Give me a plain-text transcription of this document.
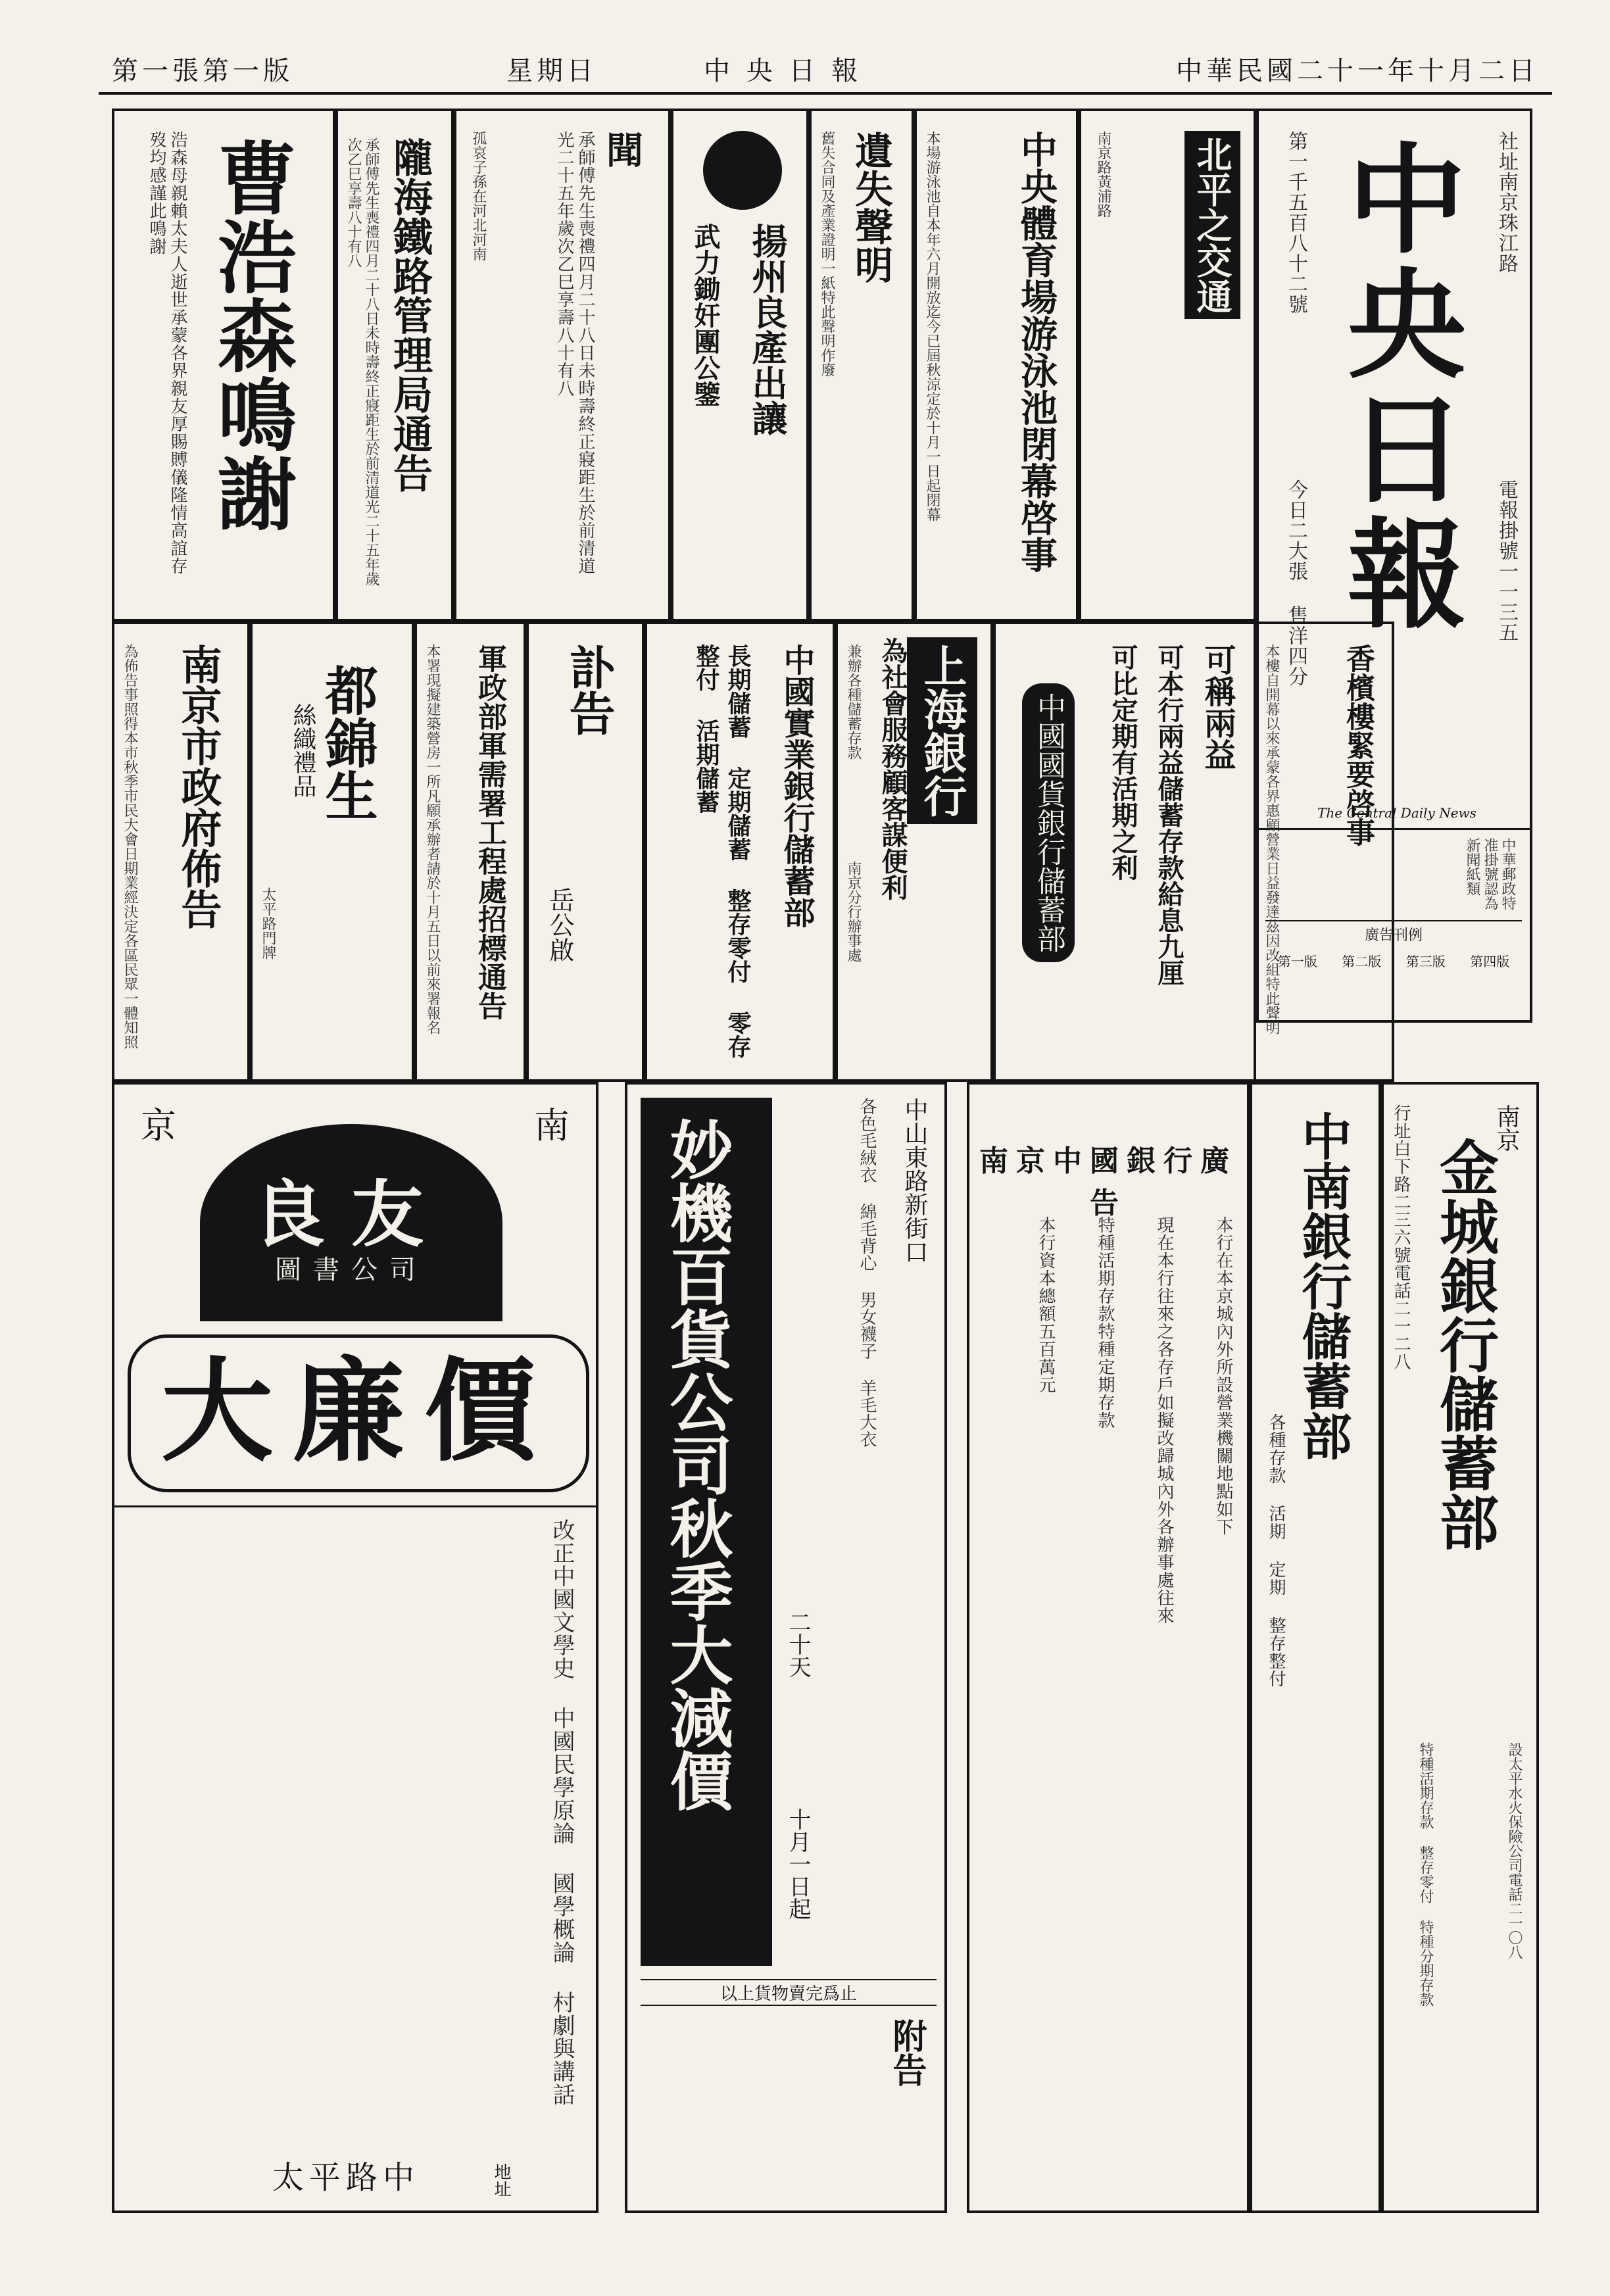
中華民國二十一年十月二日
中 央 日 報
星期日
第一張第一版
社址南京珠江路
電報掛號一一三五
中央日報
第一千五百八十二號
今日二大張 售洋四分
The Central Daily News
中華郵政特准掛號認為新聞紙類
廣告刊例
第一版 第二版 第三版 第四版
曹浩森鳴謝
浩森母親賴太夫人逝世承蒙各界親友厚賜賻儀隆情高誼存歿均感謹此鳴謝	隴海鐵路管理局通告
承師傅先生喪禮四月二十八日未時壽終正寢距生於前清道光二十五年歲次乙巳享壽八十有八	聞
承師傅先生喪禮四月二十八日未時壽終正寢距生於前清道光二十五年歲次乙巳享壽八十有八
孤哀子孫在河北河南
揚州良產出讓
武力鋤奸團公鑒
遺失聲明
舊失合同及產業證明一紙特此聲明作廢	中央體育場游泳池閉幕啓事
本場游泳池自本年六月開放迄今已屆秋涼定於十月一日起閉幕	北平之交通
南京路黃浦路
南京市政府佈告
為佈告事照得本市秋季市民大會日期業經決定各區民眾一體知照	都錦生
絲織禮品
太平路門牌	軍政部軍需署工程處招標通告
本署現擬建築營房一所凡願承辦者請於十月五日以前來署報名	訃告
岳公啟	中國實業銀行儲蓄部
長期儲蓄 定期儲蓄 整存零付 零存整付 活期儲蓄	上海銀行
為社會服務顧客謀便利
兼辦各種儲蓄存款
南京分行辦事處
可稱兩益
可本行兩益儲蓄存款給息九厘
可比定期有活期之利
中國國貨銀行儲蓄部	香檳樓緊要啓事
本樓自開幕以來承蒙各界惠顧營業日益發達茲因改組特此聲明
京	南
良友
圖書公司
大廉價
改正中國文學史 中國民學原論 國學概論 村劇與講話
太平路中	地址
中山東路新街口
各色毛絨衣 綿毛背心 男女襪子 羊毛大衣
妙機百貨公司秋季大減價
十月一日起
二十天
以上貨物賣完爲止
附告
南京中國銀行廣告
本行在本京城內外所設營業機關地點如下
現在本行往來之各存戶如擬改歸城內外各辦事處往來
特種活期存款特種定期存款
本行資本總額五百萬元	中南銀行儲蓄部
各種存款 活期 定期 整存整付
南京
金城銀行儲蓄部
行址白下路二三六號電話二一二八
特種活期存款 整存零付 特種分期存款	設太平水火保險公司電話二一〇八
